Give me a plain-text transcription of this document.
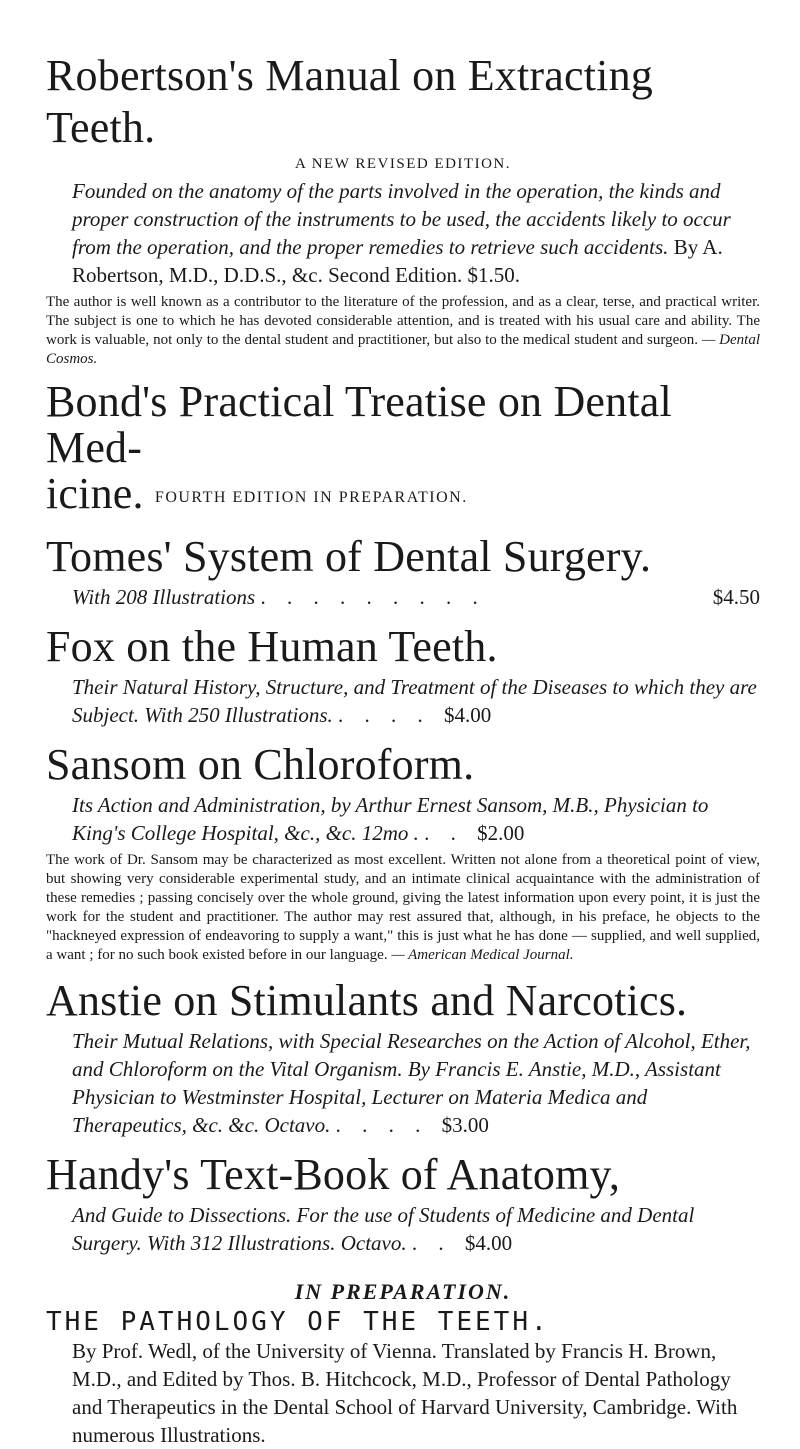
Robertson's Manual on Extracting Teeth.
A NEW REVISED EDITION.

Founded on the anatomy of the parts involved in the operation, the kinds and proper construction of the instruments to be used, the accidents likely to occur from the operation, and the proper remedies to retrieve such accidents. By A. Robertson, M.D., D.D.S., &c. Second Edition. $1.50.

The author is well known as a contributor to the literature of the profession, and as a clear, terse, and practical writer. The subject is one to which he has devoted considerable attention, and is treated with his usual care and ability. The work is valuable, not only to the dental student and practitioner, but also to the medical student and surgeon. — Dental Cosmos.

Bond's Practical Treatise on Dental Med-
icine. FOURTH EDITION IN PREPARATION.
Tomes' System of Dental Surgery.

With 208 Illustrations . . . . . . . . .	$4.50

Fox on the Human Teeth.

Their Natural History, Structure, and Treatment of the Diseases to which they are Subject. With 250 Illustrations. . . . . $4.00

Sansom on Chloroform.

Its Action and Administration, by Arthur Ernest Sansom, M.B., Physician to King's College Hospital, &c., &c. 12mo . . . $2.00

The work of Dr. Sansom may be characterized as most excellent. Written not alone from a theoretical point of view, but showing very considerable experimental study, and an intimate clinical acquaintance with the administration of these remedies ; passing concisely over the whole ground, giving the latest information upon every point, it is just the work for the student and practitioner. The author may rest assured that, although, in his preface, he objects to the "hackneyed expression of endeavoring to supply a want," this is just what he has done — supplied, and well supplied, a want ; for no such book existed before in our language. — American Medical Journal.

Anstie on Stimulants and Narcotics.

Their Mutual Relations, with Special Researches on the Action of Alcohol, Ether, and Chloroform on the Vital Organism. By Francis E. Anstie, M.D., Assistant Physician to Westminster Hospital, Lecturer on Materia Medica and Therapeutics, &c. &c. Octavo. . . . . $3.00

Handy's Text-Book of Anatomy,

And Guide to Dissections. For the use of Students of Medicine and Dental Surgery. With 312 Illustrations. Octavo. . . $4.00

IN PREPARATION.
THE PATHOLOGY OF THE TEETH.

By Prof. Wedl, of the University of Vienna. Translated by Francis H. Brown, M.D., and Edited by Thos. B. Hitchcock, M.D., Professor of Dental Pathology and Therapeutics in the Dental School of Harvard University, Cambridge. With numerous Illustrations.
